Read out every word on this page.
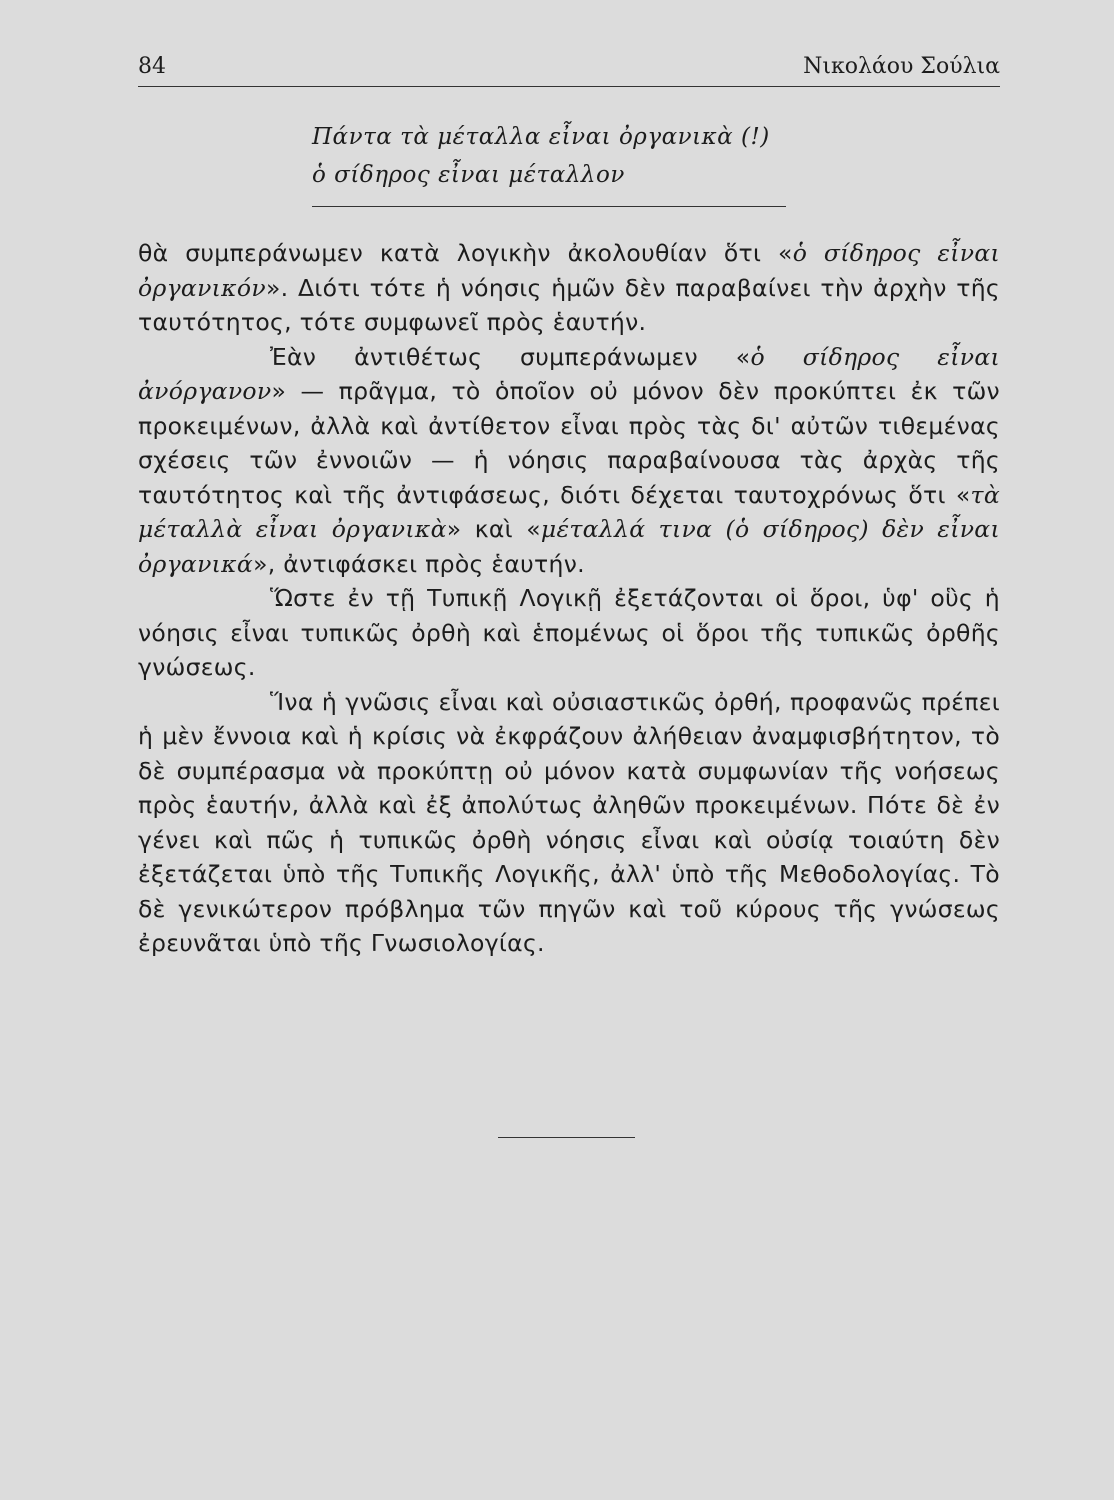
84	Νικολάου Σούλια
Πάντα τὰ μέταλλα εἶναι ὀργανικὰ (!)
ὁ σίδηρος εἶναι μέταλλον

θὰ συμπεράνωμεν κατὰ λογικὴν ἀκολουθίαν ὅτι «ὁ σίδηρος εἶναι ὀργανικόν». Διότι τότε ἡ νόησις ἡμῶν δὲν παραβαίνει τὴν ἀρχὴν τῆς ταυτότητος, τότε συμφωνεῖ πρὸς ἑαυτήν.

Ἐὰν ἀντιθέτως συμπεράνωμεν «ὁ σίδηρος εἶναι ἀνόργανον» — πρᾶγμα, τὸ ὁποῖον οὐ μόνον δὲν προκύπτει ἐκ τῶν προκειμένων, ἀλλὰ καὶ ἀντίθετον εἶναι πρὸς τὰς δι' αὐτῶν τιθεμένας σχέσεις τῶν ἐννοιῶν — ἡ νόησις παραβαίνουσα τὰς ἀρχὰς τῆς ταυτότητος καὶ τῆς ἀντιφάσεως, διότι δέχεται ταυτοχρόνως ὅτι «τὰ μέταλλὰ εἶναι ὀργανικὰ» καὶ «μέταλλά τινα (ὁ σίδηρος) δὲν εἶναι ὀργανικά», ἀντιφάσκει πρὸς ἑαυτήν.

Ὥστε ἐν τῇ Τυπικῇ Λογικῇ ἐξετάζονται οἱ ὅροι, ὑφ' οὓς ἡ νόησις εἶναι τυπικῶς ὀρθὴ καὶ ἑπομένως οἱ ὅροι τῆς τυπικῶς ὀρθῆς γνώσεως.

Ἵνα ἡ γνῶσις εἶναι καὶ οὐσιαστικῶς ὀρθή, προφανῶς πρέπει ἡ μὲν ἔννοια καὶ ἡ κρίσις νὰ ἐκφράζουν ἀλήθειαν ἀναμφισβήτητον, τὸ δὲ συμπέρασμα νὰ προκύπτῃ οὐ μόνον κατὰ συμφωνίαν τῆς νοήσεως πρὸς ἑαυτήν, ἀλλὰ καὶ ἐξ ἀπολύτως ἀληθῶν προκειμένων. Πότε δὲ ἐν γένει καὶ πῶς ἡ τυπικῶς ὀρθὴ νόησις εἶναι καὶ οὐσίᾳ τοιαύτη δὲν ἐξετάζεται ὑπὸ τῆς Τυπικῆς Λογικῆς, ἀλλ' ὑπὸ τῆς Μεθοδολογίας. Τὸ δὲ γενικώτερον πρόβλημα τῶν πηγῶν καὶ τοῦ κύρους τῆς γνώσεως ἐρευνᾶται ὑπὸ τῆς Γνωσιολογίας.
